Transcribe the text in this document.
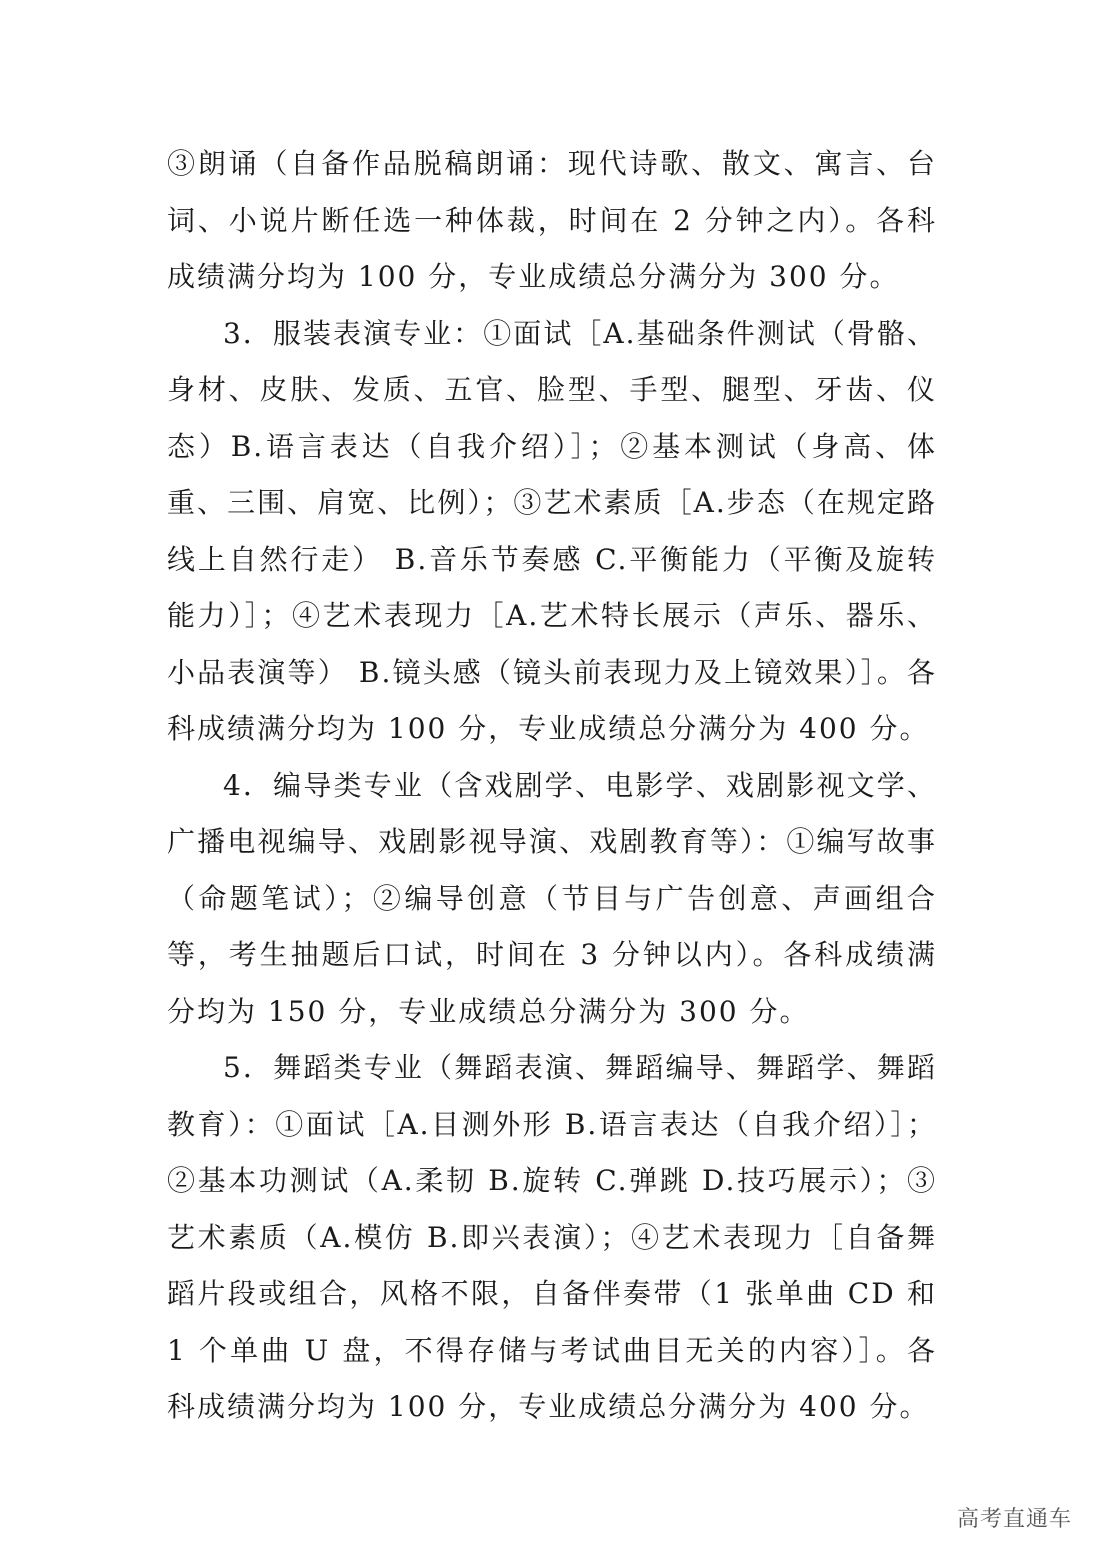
③朗诵（自备作品脱稿朗诵：现代诗歌、散文、寓言、台词、小说片断任选一种体裁，时间在 2 分钟之内）。各科成绩满分均为 100 分，专业成绩总分满分为 300 分。

3．服装表演专业：①面试［A.基础条件测试（骨骼、身材、皮肤、发质、五官、脸型、手型、腿型、牙齿、仪态）B.语言表达（自我介绍）］；②基本测试（身高、体重、三围、肩宽、比例）；③艺术素质［A.步态（在规定路线上自然行走） B.音乐节奏感 C.平衡能力（平衡及旋转能力）］；④艺术表现力［A.艺术特长展示（声乐、器乐、小品表演等） B.镜头感（镜头前表现力及上镜效果）］。各科成绩满分均为 100 分，专业成绩总分满分为 400 分。

4．编导类专业（含戏剧学、电影学、戏剧影视文学、广播电视编导、戏剧影视导演、戏剧教育等）：①编写故事（命题笔试）；②编导创意（节目与广告创意、声画组合等，考生抽题后口试，时间在 3 分钟以内）。各科成绩满分均为 150 分，专业成绩总分满分为 300 分。

5．舞蹈类专业（舞蹈表演、舞蹈编导、舞蹈学、舞蹈教育）：①面试［A.目测外形 B.语言表达（自我介绍）］；②基本功测试（A.柔韧 B.旋转 C.弹跳 D.技巧展示）；③艺术素质（A.模仿 B.即兴表演）；④艺术表现力［自备舞蹈片段或组合，风格不限，自备伴奏带（1 张单曲 CD 和 1 个单曲 U 盘，不得存储与考试曲目无关的内容）］。各科成绩满分均为 100 分，专业成绩总分满分为 400 分。

高考直通车
